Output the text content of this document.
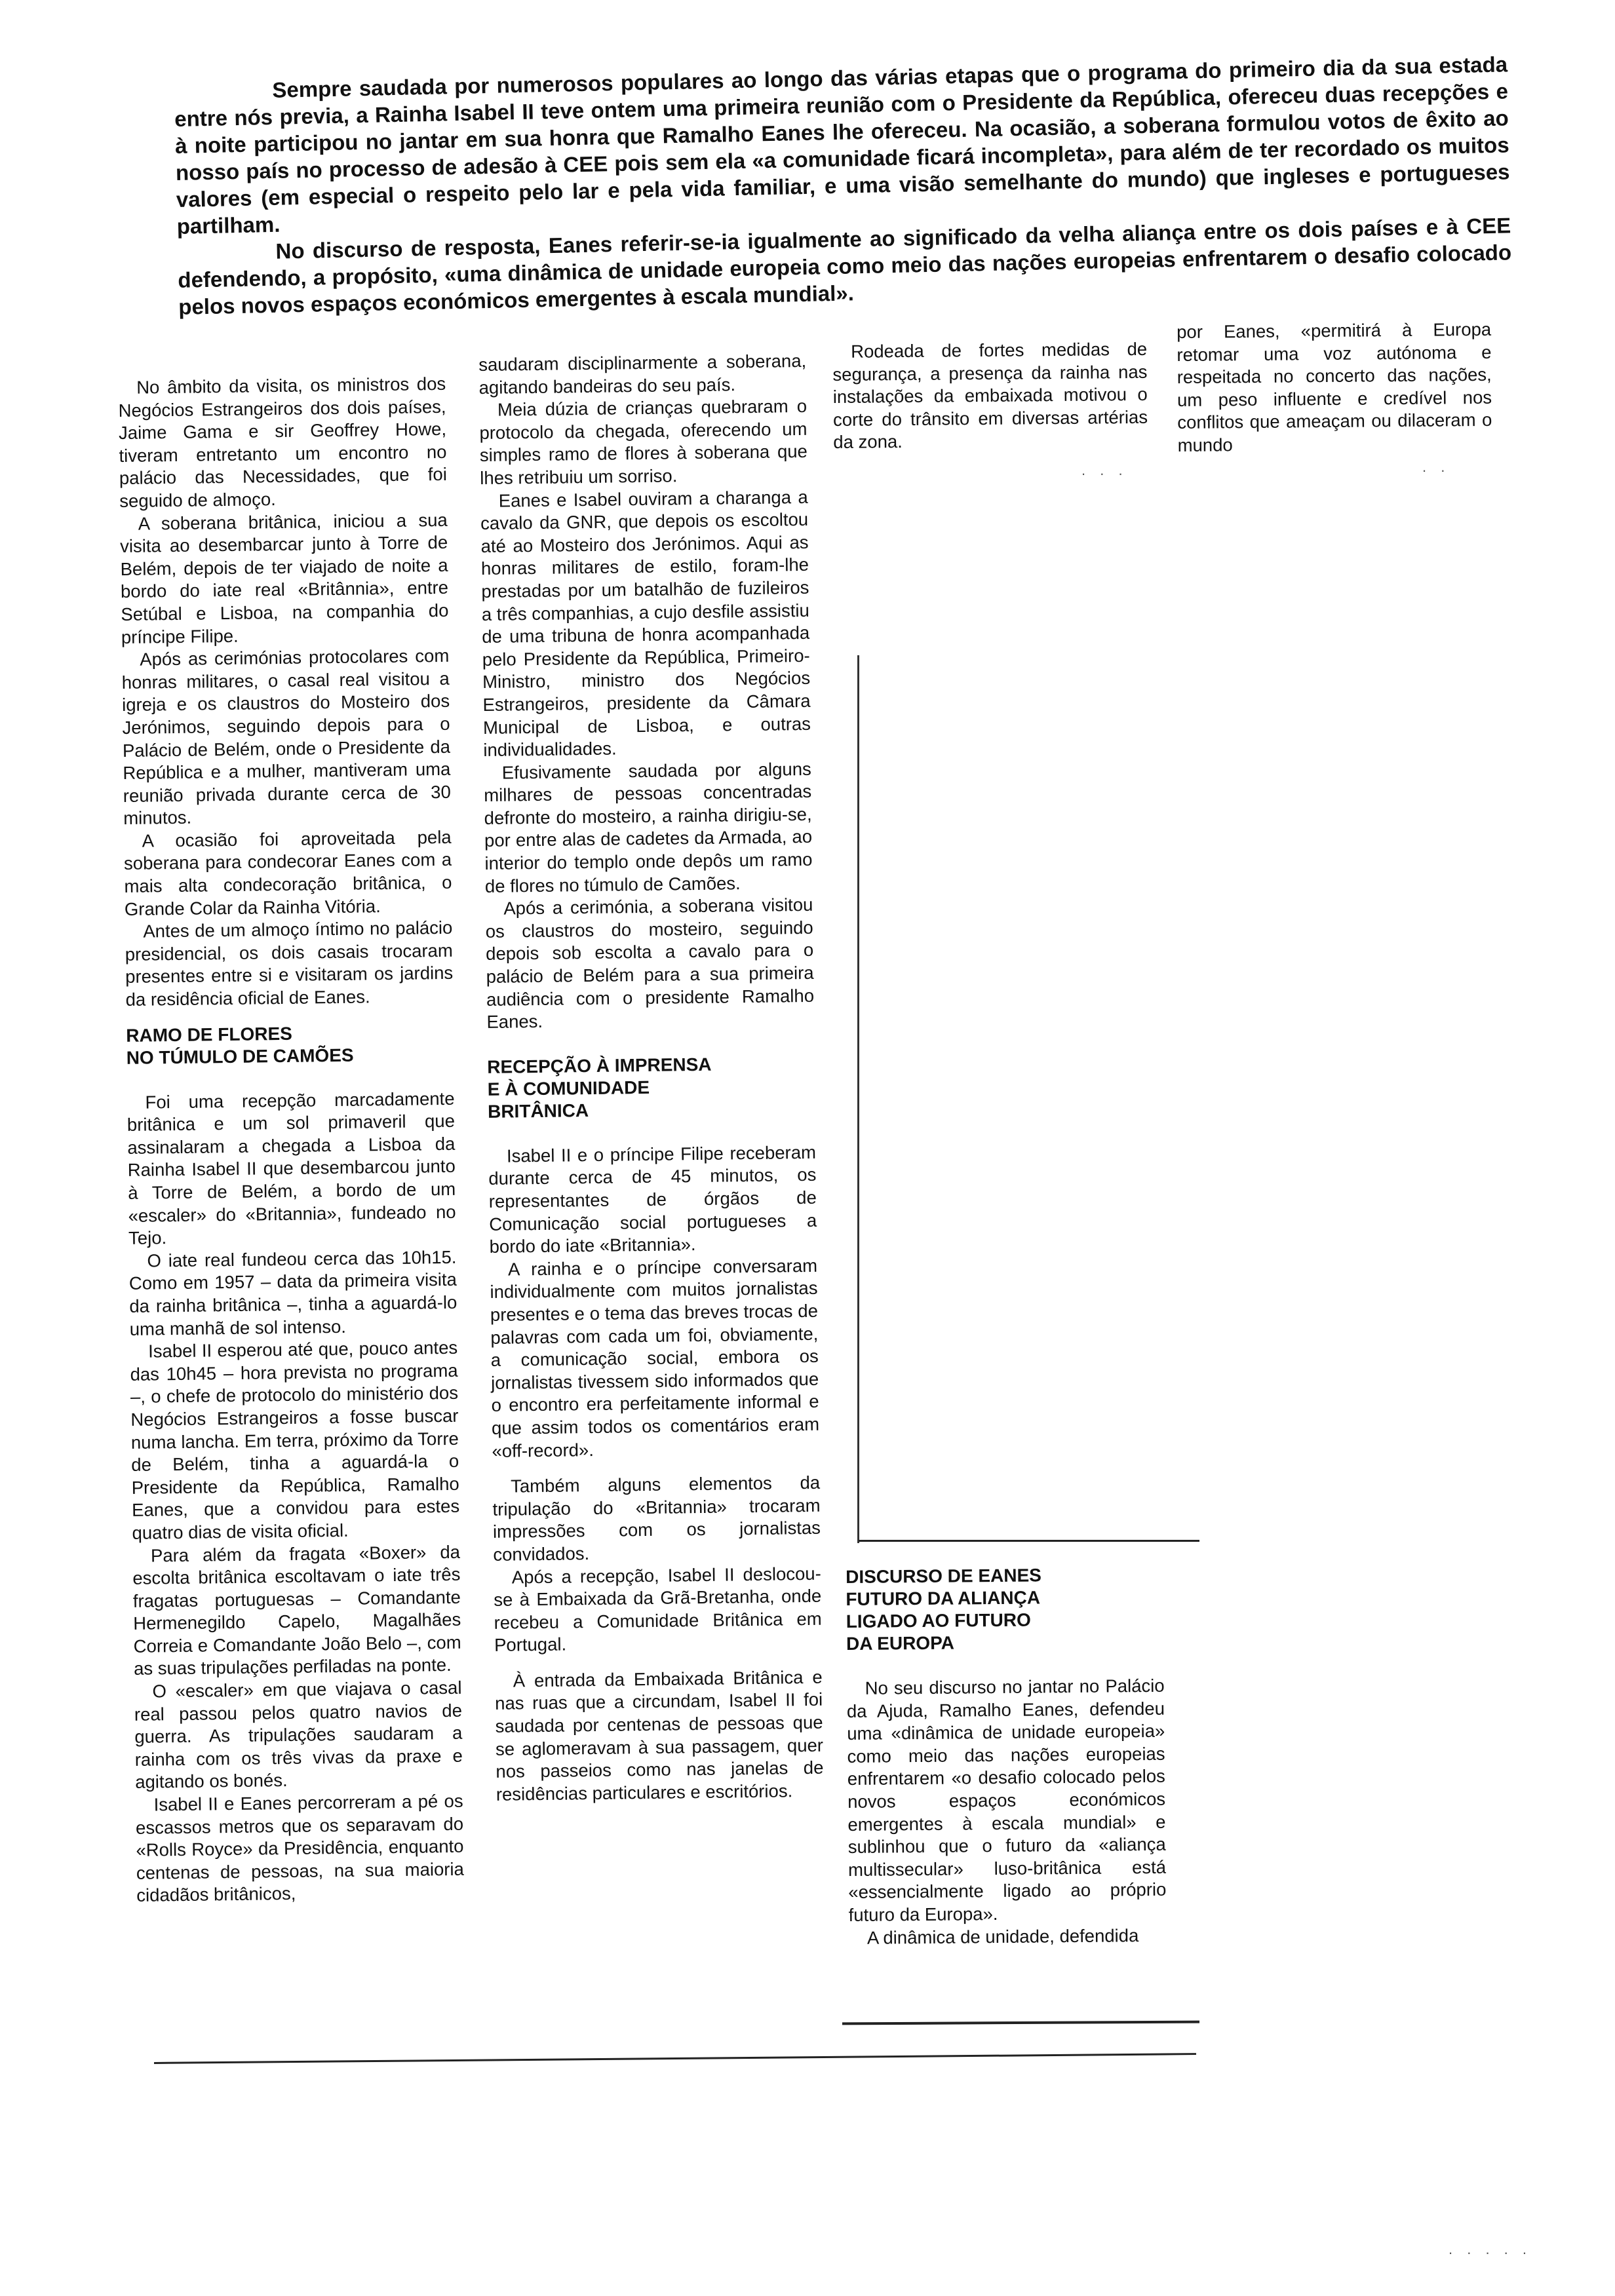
Sempre saudada por numerosos populares ao longo das várias etapas que o programa do primeiro dia da sua estada entre nós previa, a Rainha Isabel II teve ontem uma primeira reunião com o Presidente da República, ofereceu duas recepções e à noite participou no jantar em sua honra que Ramalho Eanes lhe ofereceu. Na ocasião, a soberana formulou votos de êxito ao nosso país no processo de adesão à CEE pois sem ela «a comunidade ficará incompleta», para além de ter recordado os muitos valores (em especial o respeito pelo lar e pela vida familiar, e uma visão semelhante do mundo) que ingleses e portugueses partilham.

No discurso de resposta, Eanes referir-se-ia igualmente ao significado da velha aliança entre os dois países e à CEE defendendo, a propósito, «uma dinâmica de unidade europeia como meio das nações europeias enfrentarem o desafio colocado pelos novos espaços económicos emergentes à escala mundial».

No âmbito da visita, os ministros dos Negócios Estrangeiros dos dois países, Jaime Gama e sir Geoffrey Howe, tiveram entretanto um encontro no palácio das Necessidades, que foi seguido de almoço.

A soberana britânica, iniciou a sua visita ao desembarcar junto à Torre de Belém, depois de ter viajado de noite a bordo do iate real «Britânnia», entre Setúbal e Lisboa, na companhia do príncipe Filipe.

Após as cerimónias protocolares com honras militares, o casal real visitou a igreja e os claustros do Mosteiro dos Jerónimos, seguindo depois para o Palácio de Belém, onde o Presidente da República e a mulher, mantiveram uma reunião privada durante cerca de 30 minutos.

A ocasião foi aproveitada pela soberana para condecorar Eanes com a mais alta condecoração britânica, o Grande Colar da Rainha Vitória.

Antes de um almoço íntimo no palácio presidencial, os dois casais trocaram presentes entre si e visitaram os jardins da residência oficial de Eanes.

RAMO DE FLORES
NO TÚMULO DE CAMÕES

Foi uma recepção marcadamente britânica e um sol primaveril que assinalaram a chegada a Lisboa da Rainha Isabel II que desembarcou junto à Torre de Belém, a bordo de um «escaler» do «Britannia», fundeado no Tejo.

O iate real fundeou cerca das 10h15. Como em 1957 – data da primeira visita da rainha britânica –, tinha a aguardá-lo uma manhã de sol intenso.

Isabel II esperou até que, pouco antes das 10h45 – hora prevista no programa –, o chefe de protocolo do ministério dos Negócios Estrangeiros a fosse buscar numa lancha. Em terra, próximo da Torre de Belém, tinha a aguardá-la o Presidente da República, Ramalho Eanes, que a convidou para estes quatro dias de visita oficial.

Para além da fragata «Boxer» da escolta britânica escoltavam o iate três fragatas portuguesas – Comandante Hermenegildo Capelo, Magalhães Correia e Comandante João Belo –, com as suas tripulações perfiladas na ponte.

O «escaler» em que viajava o casal real passou pelos quatro navios de guerra. As tripulações saudaram a rainha com os três vivas da praxe e agitando os bonés.

Isabel II e Eanes percorreram a pé os escassos metros que os separavam do «Rolls Royce» da Presidência, enquanto centenas de pessoas, na sua maioria cidadãos britânicos,

saudaram disciplinarmente a soberana, agitando bandeiras do seu país.

Meia dúzia de crianças quebraram o protocolo da chegada, oferecendo um simples ramo de flores à soberana que lhes retribuiu um sorriso.

Eanes e Isabel ouviram a charanga a cavalo da GNR, que depois os escoltou até ao Mosteiro dos Jerónimos. Aqui as honras militares de estilo, foram-lhe prestadas por um batalhão de fuzileiros a três companhias, a cujo desfile assistiu de uma tribuna de honra acompanhada pelo Presidente da República, Primeiro-Ministro, ministro dos Negócios Estrangeiros, presidente da Câmara Municipal de Lisboa, e outras individualidades.

Efusivamente saudada por alguns milhares de pessoas concentradas defronte do mosteiro, a rainha dirigiu-se, por entre alas de cadetes da Armada, ao interior do templo onde depôs um ramo de flores no túmulo de Camões.

Após a cerimónia, a soberana visitou os claustros do mosteiro, seguindo depois sob escolta a cavalo para o palácio de Belém para a sua primeira audiência com o presidente Ramalho Eanes.

RECEPÇÃO À IMPRENSA
E À COMUNIDADE
BRITÂNICA

Isabel II e o príncipe Filipe receberam durante cerca de 45 minutos, os representantes de órgãos de Comunicação social portugueses a bordo do iate «Britannia».

A rainha e o príncipe conversaram individualmente com muitos jornalistas presentes e o tema das breves trocas de palavras com cada um foi, obviamente, a comunicação social, embora os jornalistas tivessem sido informados que o encontro era perfeitamente informal e que assim todos os comentários eram «off-record».

Também alguns elementos da tripulação do «Britannia» trocaram impressões com os jornalistas convidados.

Após a recepção, Isabel II deslocou-se à Embaixada da Grã-Bretanha, onde recebeu a Comunidade Britânica em Portugal.

À entrada da Embaixada Britânica e nas ruas que a circundam, Isabel II foi saudada por centenas de pessoas que se aglomeravam à sua passagem, quer nos passeios como nas janelas de residências particulares e escritórios.

Rodeada de fortes medidas de segurança, a presença da rainha nas instalações da embaixada motivou o corte do trânsito em diversas artérias da zona.

DISCURSO DE EANES
FUTURO DA ALIANÇA
LIGADO AO FUTURO
DA EUROPA

No seu discurso no jantar no Palácio da Ajuda, Ramalho Eanes, defendeu uma «dinâmica de unidade europeia» como meio das nações europeias enfrentarem «o desafio colocado pelos novos espaços económicos emergentes à escala mundial» e sublinhou que o futuro da «aliança multissecular» luso-britânica está «essencialmente ligado ao próprio futuro da Europa».

A dinâmica de unidade, defendida

por Eanes, «permitirá à Europa retomar uma voz autónoma e respeitada no concerto das nações, um peso influente e credível nos conflitos que ameaçam ou dilaceram o mundo

. . .	. .
. . . . .
